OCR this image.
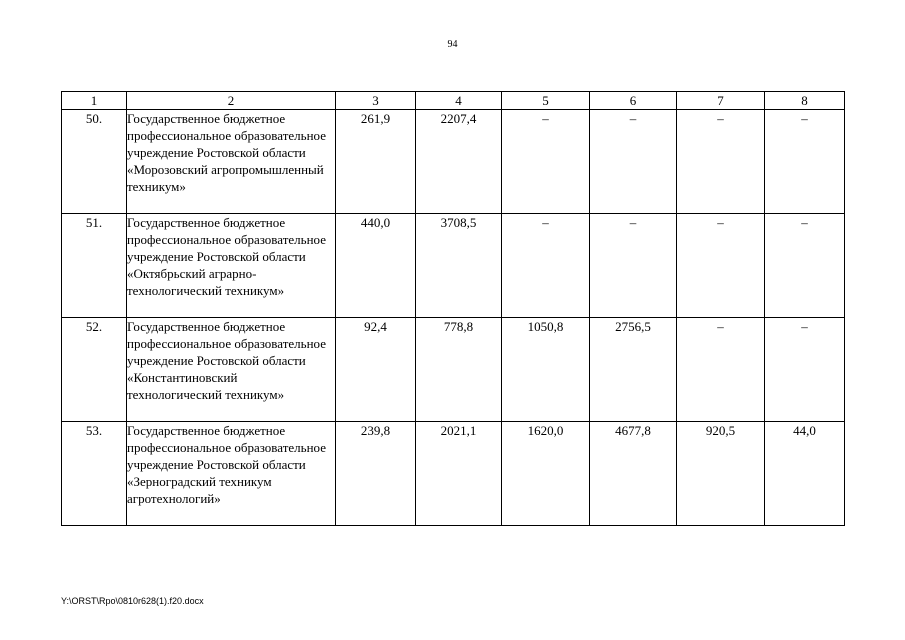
94
1	2	3	4	5	6	7	8
50.	Государственное бюджетное профессиональное образовательное учреждение Ростовской области «Морозовский агропромышленный техникум»	261,9	2207,4	–	–	–	–
51.	Государственное бюджетное профессиональное образовательное учреждение Ростовской области «Октябрьский аграрно-технологический техникум»	440,0	3708,5	–	–	–	–
52.	Государственное бюджетное профессиональное образовательное учреждение Ростовской области «Константиновский технологический техникум»	92,4	778,8	1050,8	2756,5	–	–
53.	Государственное бюджетное профессиональное образовательное учреждение Ростовской области «Зерноградский техникум агротехнологий»	239,8	2021,1	1620,0	4677,8	920,5	44,0
Y:\ORST\Rpo\0810r628(1).f20.docx
